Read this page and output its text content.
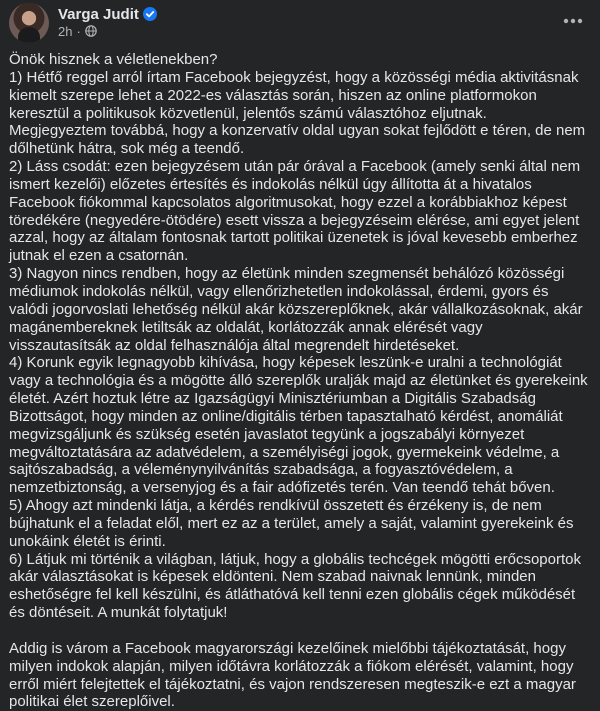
Varga Judit
2h ·

Önök hisznek a véletlenekben?

1) Hétfő reggel arról írtam Facebook bejegyzést, hogy a közösségi média aktivitásnak kiemelt szerepe lehet a 2022-es választás során, hiszen az online platformokon keresztül a politikusok közvetlenül, jelentős számú választóhoz eljutnak. Megjegyeztem továbbá, hogy a konzervatív oldal ugyan sokat fejlődött e téren, de nem dőlhetünk hátra, sok még a teendő.

2) Láss csodát: ezen bejegyzésem után pár órával a Facebook (amely senki által nem ismert kezelői) előzetes értesítés és indokolás nélkül úgy állította át a hivatalos Facebook fiókommal kapcsolatos algoritmusokat, hogy ezzel a korábbiakhoz képest töredékére (negyedére-ötödére) esett vissza a bejegyzéseim elérése, ami egyet jelent azzal, hogy az általam fontosnak tartott politikai üzenetek is jóval kevesebb emberhez jutnak el ezen a csatornán.

3) Nagyon nincs rendben, hogy az életünk minden szegmensét behálózó közösségi médiumok indokolás nélkül, vagy ellenőrizhetetlen indokolással, érdemi, gyors és valódi jogorvoslati lehetőség nélkül akár közszereplőknek, akár vállalkozásoknak, akár magánembereknek letiltsák az oldalát, korlátozzák annak elérését vagy visszautasítsák az oldal felhasználója által megrendelt hirdetéseket.

4) Korunk egyik legnagyobb kihívása, hogy képesek leszünk-e uralni a technológiát vagy a technológia és a mögötte álló szereplők uralják majd az életünket és gyerekeink életét. Azért hoztuk létre az Igazságügyi Minisztériumban a Digitális Szabadság Bizottságot, hogy minden az online/digitális térben tapasztalható kérdést, anomáliát megvizsgáljunk és szükség esetén javaslatot tegyünk a jogszabályi környezet megváltoztatására az adatvédelem, a személyiségi jogok, gyermekeink védelme, a sajtószabadság, a véleménynyilvánítás szabadsága, a fogyasztóvédelem, a nemzetbiztonság, a versenyjog és a fair adófizetés terén. Van teendő tehát bőven.

5) Ahogy azt mindenki látja, a kérdés rendkívül összetett és érzékeny is, de nem bújhatunk el a feladat elől, mert ez az a terület, amely a saját, valamint gyerekeink és unokáink életét is érinti.

6) Látjuk mi történik a világban, látjuk, hogy a globális techcégek mögötti erőcsoportok akár választásokat is képesek eldönteni. Nem szabad naivnak lennünk, minden eshetőségre fel kell készülni, és átláthatóvá kell tenni ezen globális cégek működését és döntéseit. A munkát folytatjuk!

Addig is várom a Facebook magyarországi kezelőinek mielőbbi tájékoztatását, hogy milyen indokok alapján, milyen időtávra korlátozzák a fiókom elérését, valamint, hogy erről miért felejtettek el tájékoztatni, és vajon rendszeresen megteszik-e ezt a magyar politikai élet szereplőivel.
